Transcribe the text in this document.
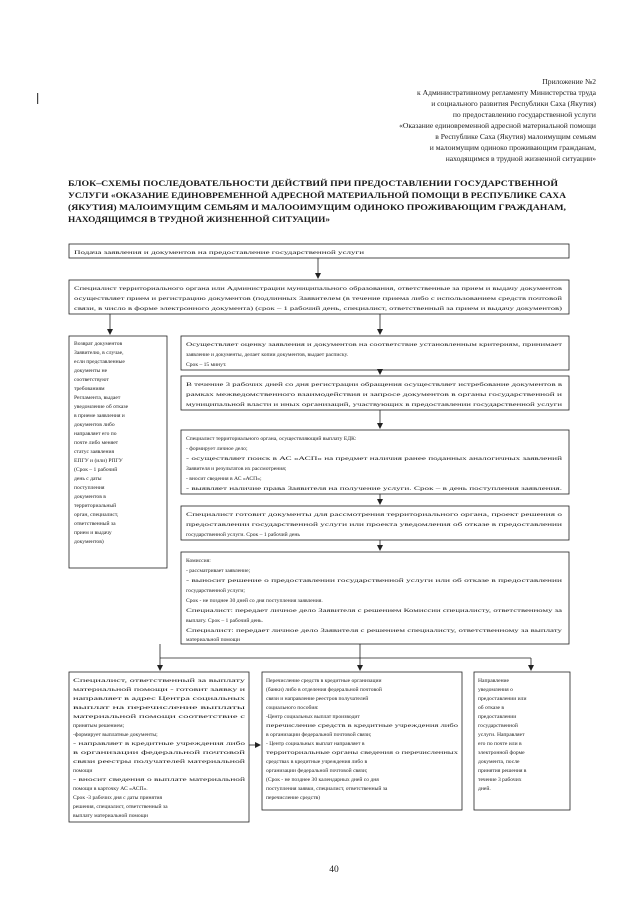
Приложение №2
к Административному регламенту Министерства труда
и социального развития Республики Саха (Якутия)
по предоставлению государственной услуги
«Оказание единовременной адресной материальной помощи
в Республике Саха (Якутия) малоимущим семьям
и малоимущим одиноко проживающим гражданам,
находящимся в трудной жизненной ситуации»
БЛОК–СХЕМЫ ПОСЛЕДОВАТЕЛЬНОСТИ ДЕЙСТВИЙ ПРИ ПРЕДОСТАВЛЕНИИ ГОСУДАРСТВЕННОЙ
УСЛУГИ «ОКАЗАНИЕ ЕДИНОВРЕМЕННОЙ АДРЕСНОЙ МАТЕРИАЛЬНОЙ ПОМОЩИ В РЕСПУБЛИКЕ САХА
(ЯКУТИЯ) МАЛОИМУЩИМ СЕМЬЯМ И МАЛООИМУЩИМ ОДИНОКО ПРОЖИВАЮЩИМ ГРАЖДАНАМ,
НАХОДЯЩИМСЯ В ТРУДНОЙ ЖИЗНЕННОЙ СИТУАЦИИ»
Подача заявления и документов на предоставление государственной услуги
Специалист территориального органа или Администрации муниципального образования, ответственные за прием и выдачу документов
осуществляет прием и регистрацию документов (подлинных Заявителем (в течение приема либо с использованием средств почтовой
связи, в число в форме электронного документа) (срок – 1 рабочий день, специалист, ответственный за прием и выдачу документов)
Возврат документов
Заявителю, в случае,
если представленные
документы не
соответствуют
требованиям
Регламента, выдает
уведомление об отказе
в приеме заявления и
документов либо
направляет его по
почте либо меняет
статус заявления
ЕПГУ и (или) РПГУ
(Срок – 1 рабочий
день с даты
поступления
документов в
территориальный
орган, специалист,
ответственный за
прием и выдачу
документов)
Осуществляет оценку заявления и документов на соответствие установленным критериям, принимает
заявление и документы, делает копии документов, выдает расписку.
Срок – 15 минут.
В течение 3 рабочих дней со дня регистрации обращения осуществляет истребование документов в
рамках межведомственного взаимодействия и запросе документов в органы государственной и
муниципальной власти и иных организаций, участвующих в предоставлении государственной услуги
Специалист территориального органа, осуществляющий выплату ЕДК:
- формирует личное дело;
- осуществляет поиск в АС «АСП» на предмет наличия ранее поданных аналогичных заявлений
Заявителя и результатов их рассмотрения;
- вносит сведения в АС «АСП»;
- выявляет наличие права Заявителя на получение услуги. Срок – в день поступления заявления.
Специалист готовит документы для рассмотрения территориального органа, проект решения о
предоставлении государственной услуги или проекта уведомления об отказе в предоставлении
государственной услуги. Срок – 1 рабочий день
Комиссия:
- рассматривает заявление;
- выносит решение о предоставлении государственной услуги или об отказе в предоставлении
государственной услуги;
Срок - не позднее 30 дней со дня поступления заявления.
Специалист: передает личное дело Заявителя с решением Комиссии специалисту, ответственному за
выплату. Срок – 1 рабочий день.
Специалист: передает личное дело Заявителя с решением специалисту, ответственному за выплату
материальной помощи
Специалист, ответственный за выплату
материальной помощи - готовит заявку и
направляет в адрес Центра социальных
выплат на перечисление выплаты
материальной помощи соответствие с
принятым решением;
-формирует выплатные документы;
- направляет в кредитные учреждения либо
в организации федеральной почтовой
связи реестры получателей материальной
помощи
- вносит сведения о выплате материальной
помощи в карточку АС «АСП».
Срок -3 рабочих дня с даты принятия
решения, специалист, ответственный за
выплату материальной помощи
Перечисление средств в кредитные организации
(банки) либо в отделения федеральной почтовой
связи и направление реестров получателей
социального пособия:
-Центр социальных выплат производит
перечисление средств в кредитные учреждения либо
в организации федеральной почтовой связи;
- Центр социальных выплат направляет в
территориальные органы сведения о перечисленных
средствах в кредитные учреждения либо в
организации федеральной почтовой связи;
(Срок - не позднее 30 календарных дней со дня
поступления заявки, специалист, ответственный за
перечисление средств)
Направление
уведомления о
предоставлении или
об отказе в
предоставлении
государственной
услуги. Направляет
его по почте или в
электронной форме
документа, после
принятия решения в
течение 3 рабочих
дней.
40
